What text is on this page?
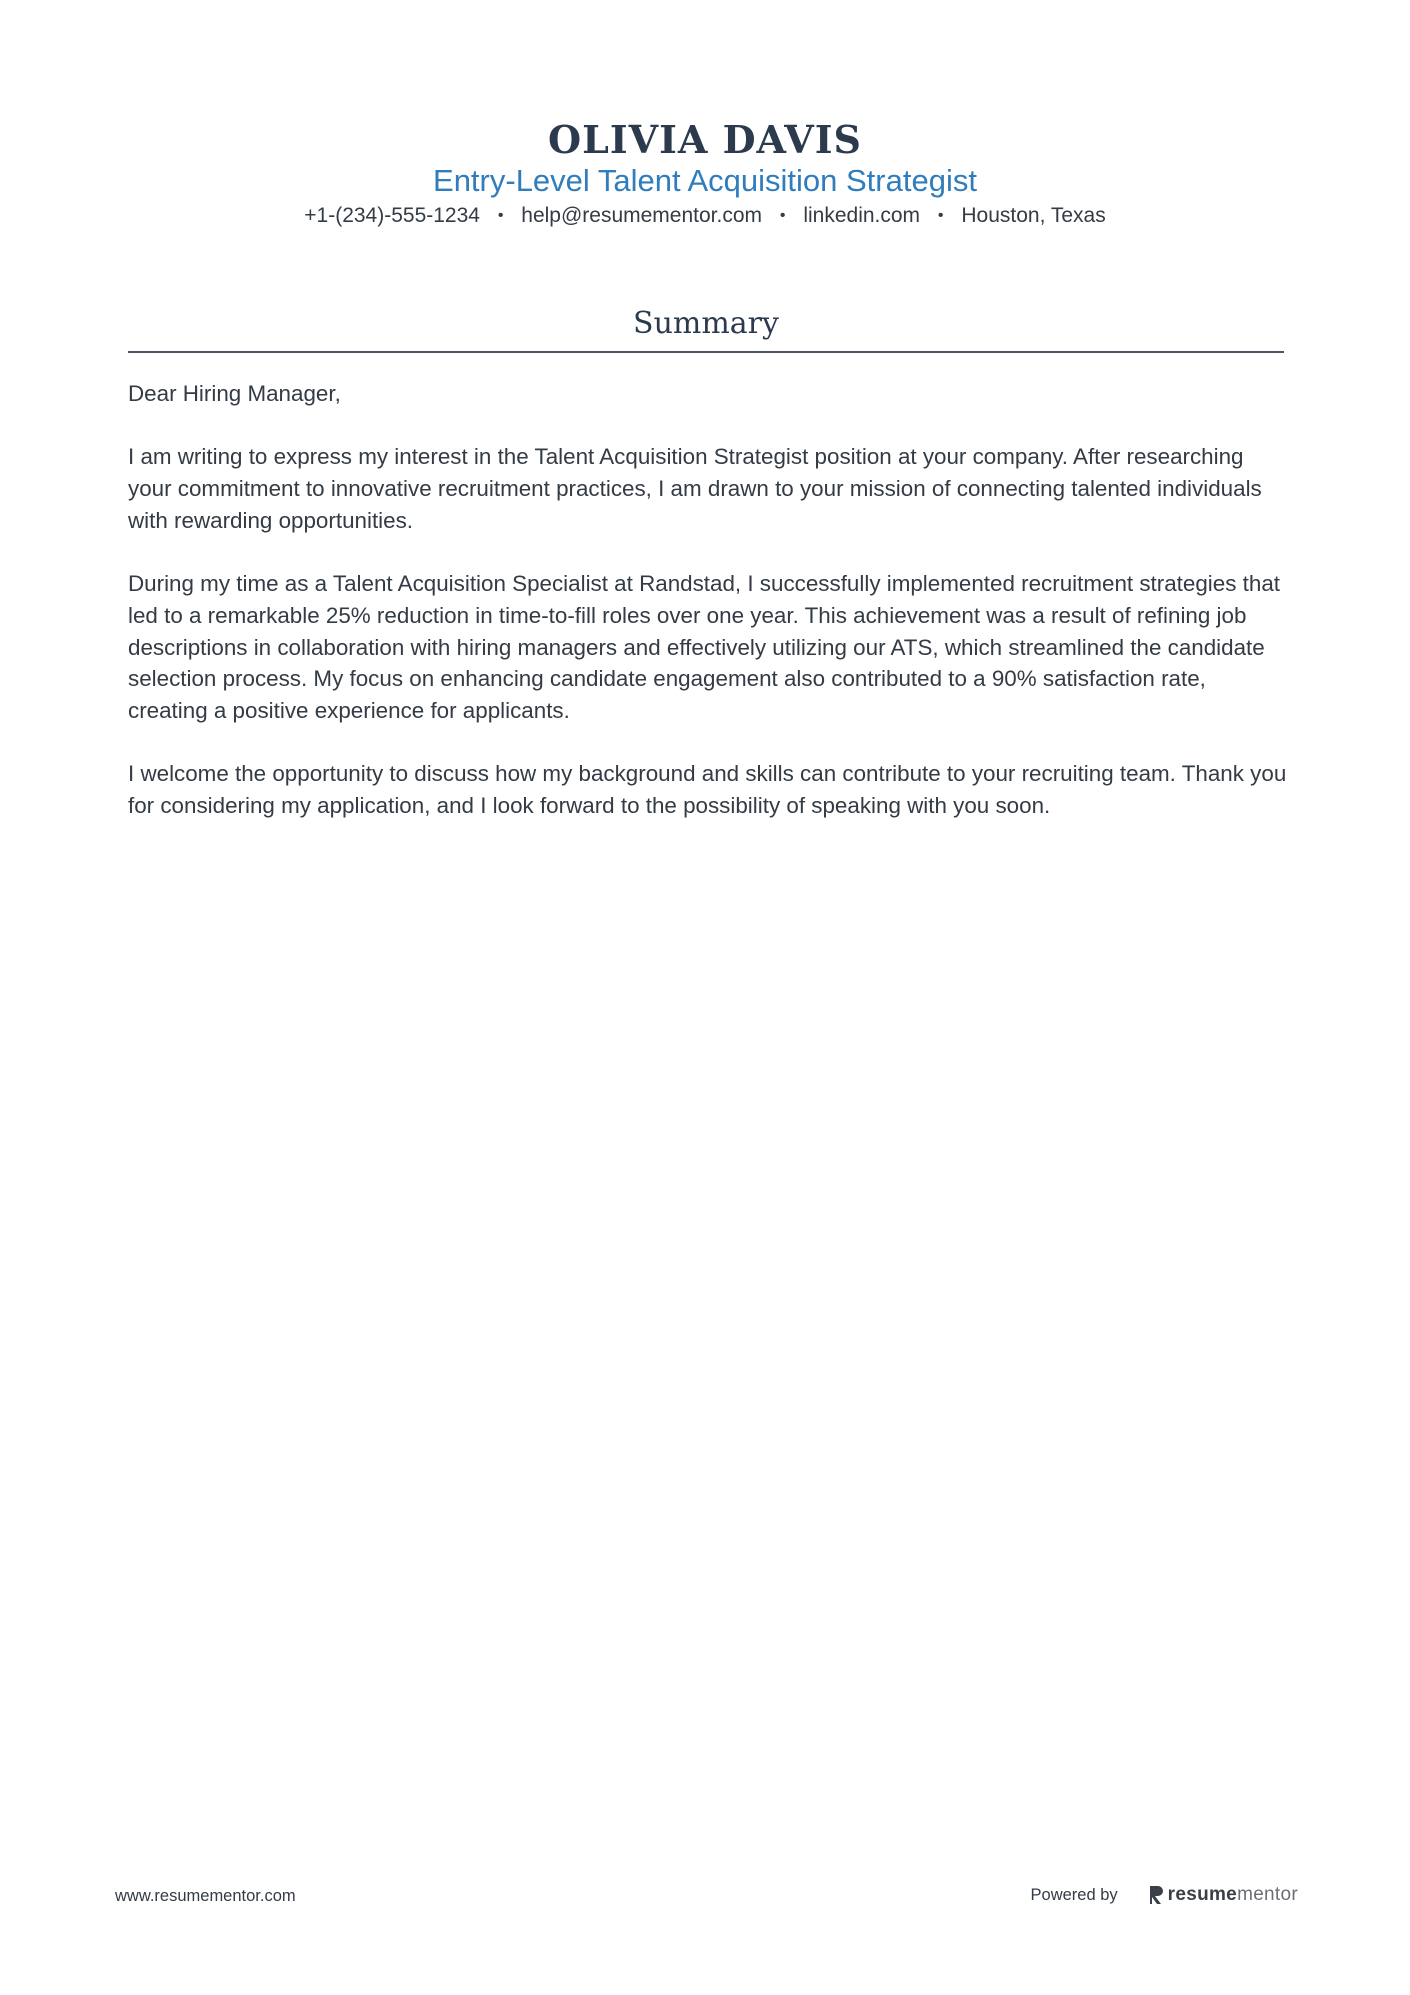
OLIVIA DAVIS
Entry-Level Talent Acquisition Strategist
+1-(234)-555-1234 • help@resumementor.com • linkedin.com • Houston, Texas
Summary

Dear Hiring Manager,

I am writing to express my interest in the Talent Acquisition Strategist position at your company. After researching your commitment to innovative recruitment practices, I am drawn to your mission of connecting talented individuals with rewarding opportunities.

During my time as a Talent Acquisition Specialist at Randstad, I successfully implemented recruitment strategies that led to a remarkable 25% reduction in time-to-fill roles over one year. This achievement was a result of refining job descriptions in collaboration with hiring managers and effectively utilizing our ATS, which streamlined the candidate selection process. My focus on enhancing candidate engagement also contributed to a 90% satisfaction rate, creating a positive experience for applicants.

I welcome the opportunity to discuss how my background and skills can contribute to your recruiting team. Thank you for considering my application, and I look forward to the possibility of speaking with you soon.

www.resumementor.com	Powered by	resumementor
